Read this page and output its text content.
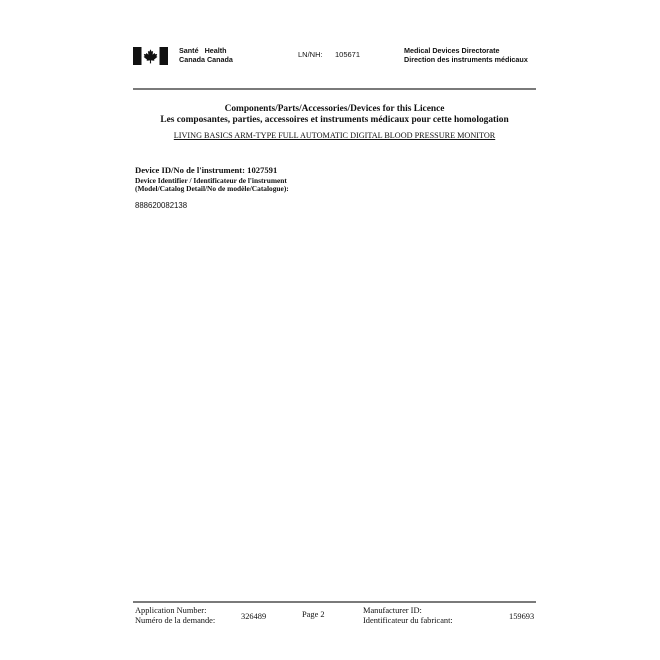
Santé   Health
Canada Canada	LN/NH: 105671	Medical Devices Directorate
Direction des instruments médicaux
Components/Parts/Accessories/Devices for this Licence
Les composantes, parties, accessoires et instruments médicaux pour cette homologation
LIVING BASICS ARM-TYPE FULL AUTOMATIC DIGITAL BLOOD PRESSURE MONITOR
Device ID/No de l'instrument: 1027591
Device Identifier / Identificateur de l'instrument
(Model/Catalog Detail/No de modèle/Catalogue):
888620082138
Application Number:
Numéro de la demande:	326489	Page 2	Manufacturer ID:
Identificateur du fabricant:	159693
